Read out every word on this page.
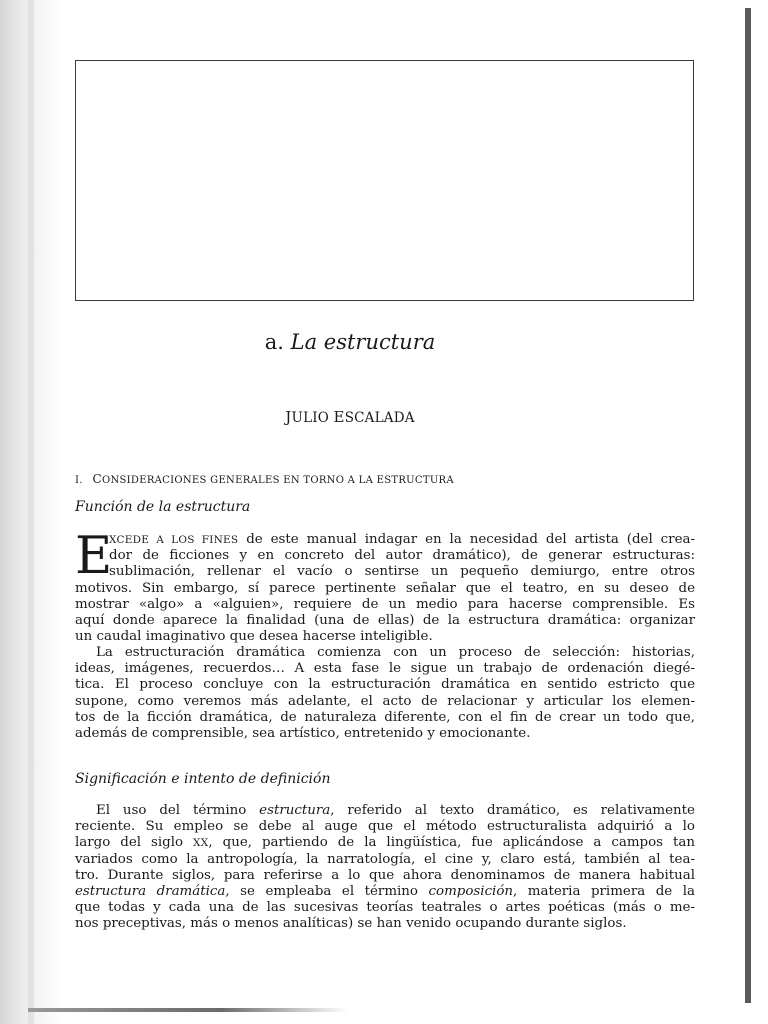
a. La estructura
JULIO ESCALADA
I. CONSIDERACIONES GENERALES EN TORNO A LA ESTRUCTURA
Función de la estructura
E
XCEDE A LOS FINES de este manual indagar en la necesidad del artista (del crea-
dor de ficciones y en concreto del autor dramático), de generar estructuras:
sublimación, rellenar el vacío o sentirse un pequeño demiurgo, entre otros
motivos. Sin embargo, sí parece pertinente señalar que el teatro, en su deseo de
mostrar «algo» a «alguien», requiere de un medio para hacerse comprensible. Es
aquí donde aparece la finalidad (una de ellas) de la estructura dramática: organizar
un caudal imaginativo que desea hacerse inteligible.
La estructuración dramática comienza con un proceso de selección: historias,
ideas, imágenes, recuerdos… A esta fase le sigue un trabajo de ordenación diegé-
tica. El proceso concluye con la estructuración dramática en sentido estricto que
supone, como veremos más adelante, el acto de relacionar y articular los elemen-
tos de la ficción dramática, de naturaleza diferente, con el fin de crear un todo que,
además de comprensible, sea artístico, entretenido y emocionante.
Significación e intento de definición
El uso del término estructura, referido al texto dramático, es relativamente
reciente. Su empleo se debe al auge que el método estructuralista adquirió a lo
largo del siglo XX, que, partiendo de la lingüística, fue aplicándose a campos tan
variados como la antropología, la narratología, el cine y, claro está, también al tea-
tro. Durante siglos, para referirse a lo que ahora denominamos de manera habitual
estructura dramática, se empleaba el término composición, materia primera de la
que todas y cada una de las sucesivas teorías teatrales o artes poéticas (más o me-
nos preceptivas, más o menos analíticas) se han venido ocupando durante siglos.
